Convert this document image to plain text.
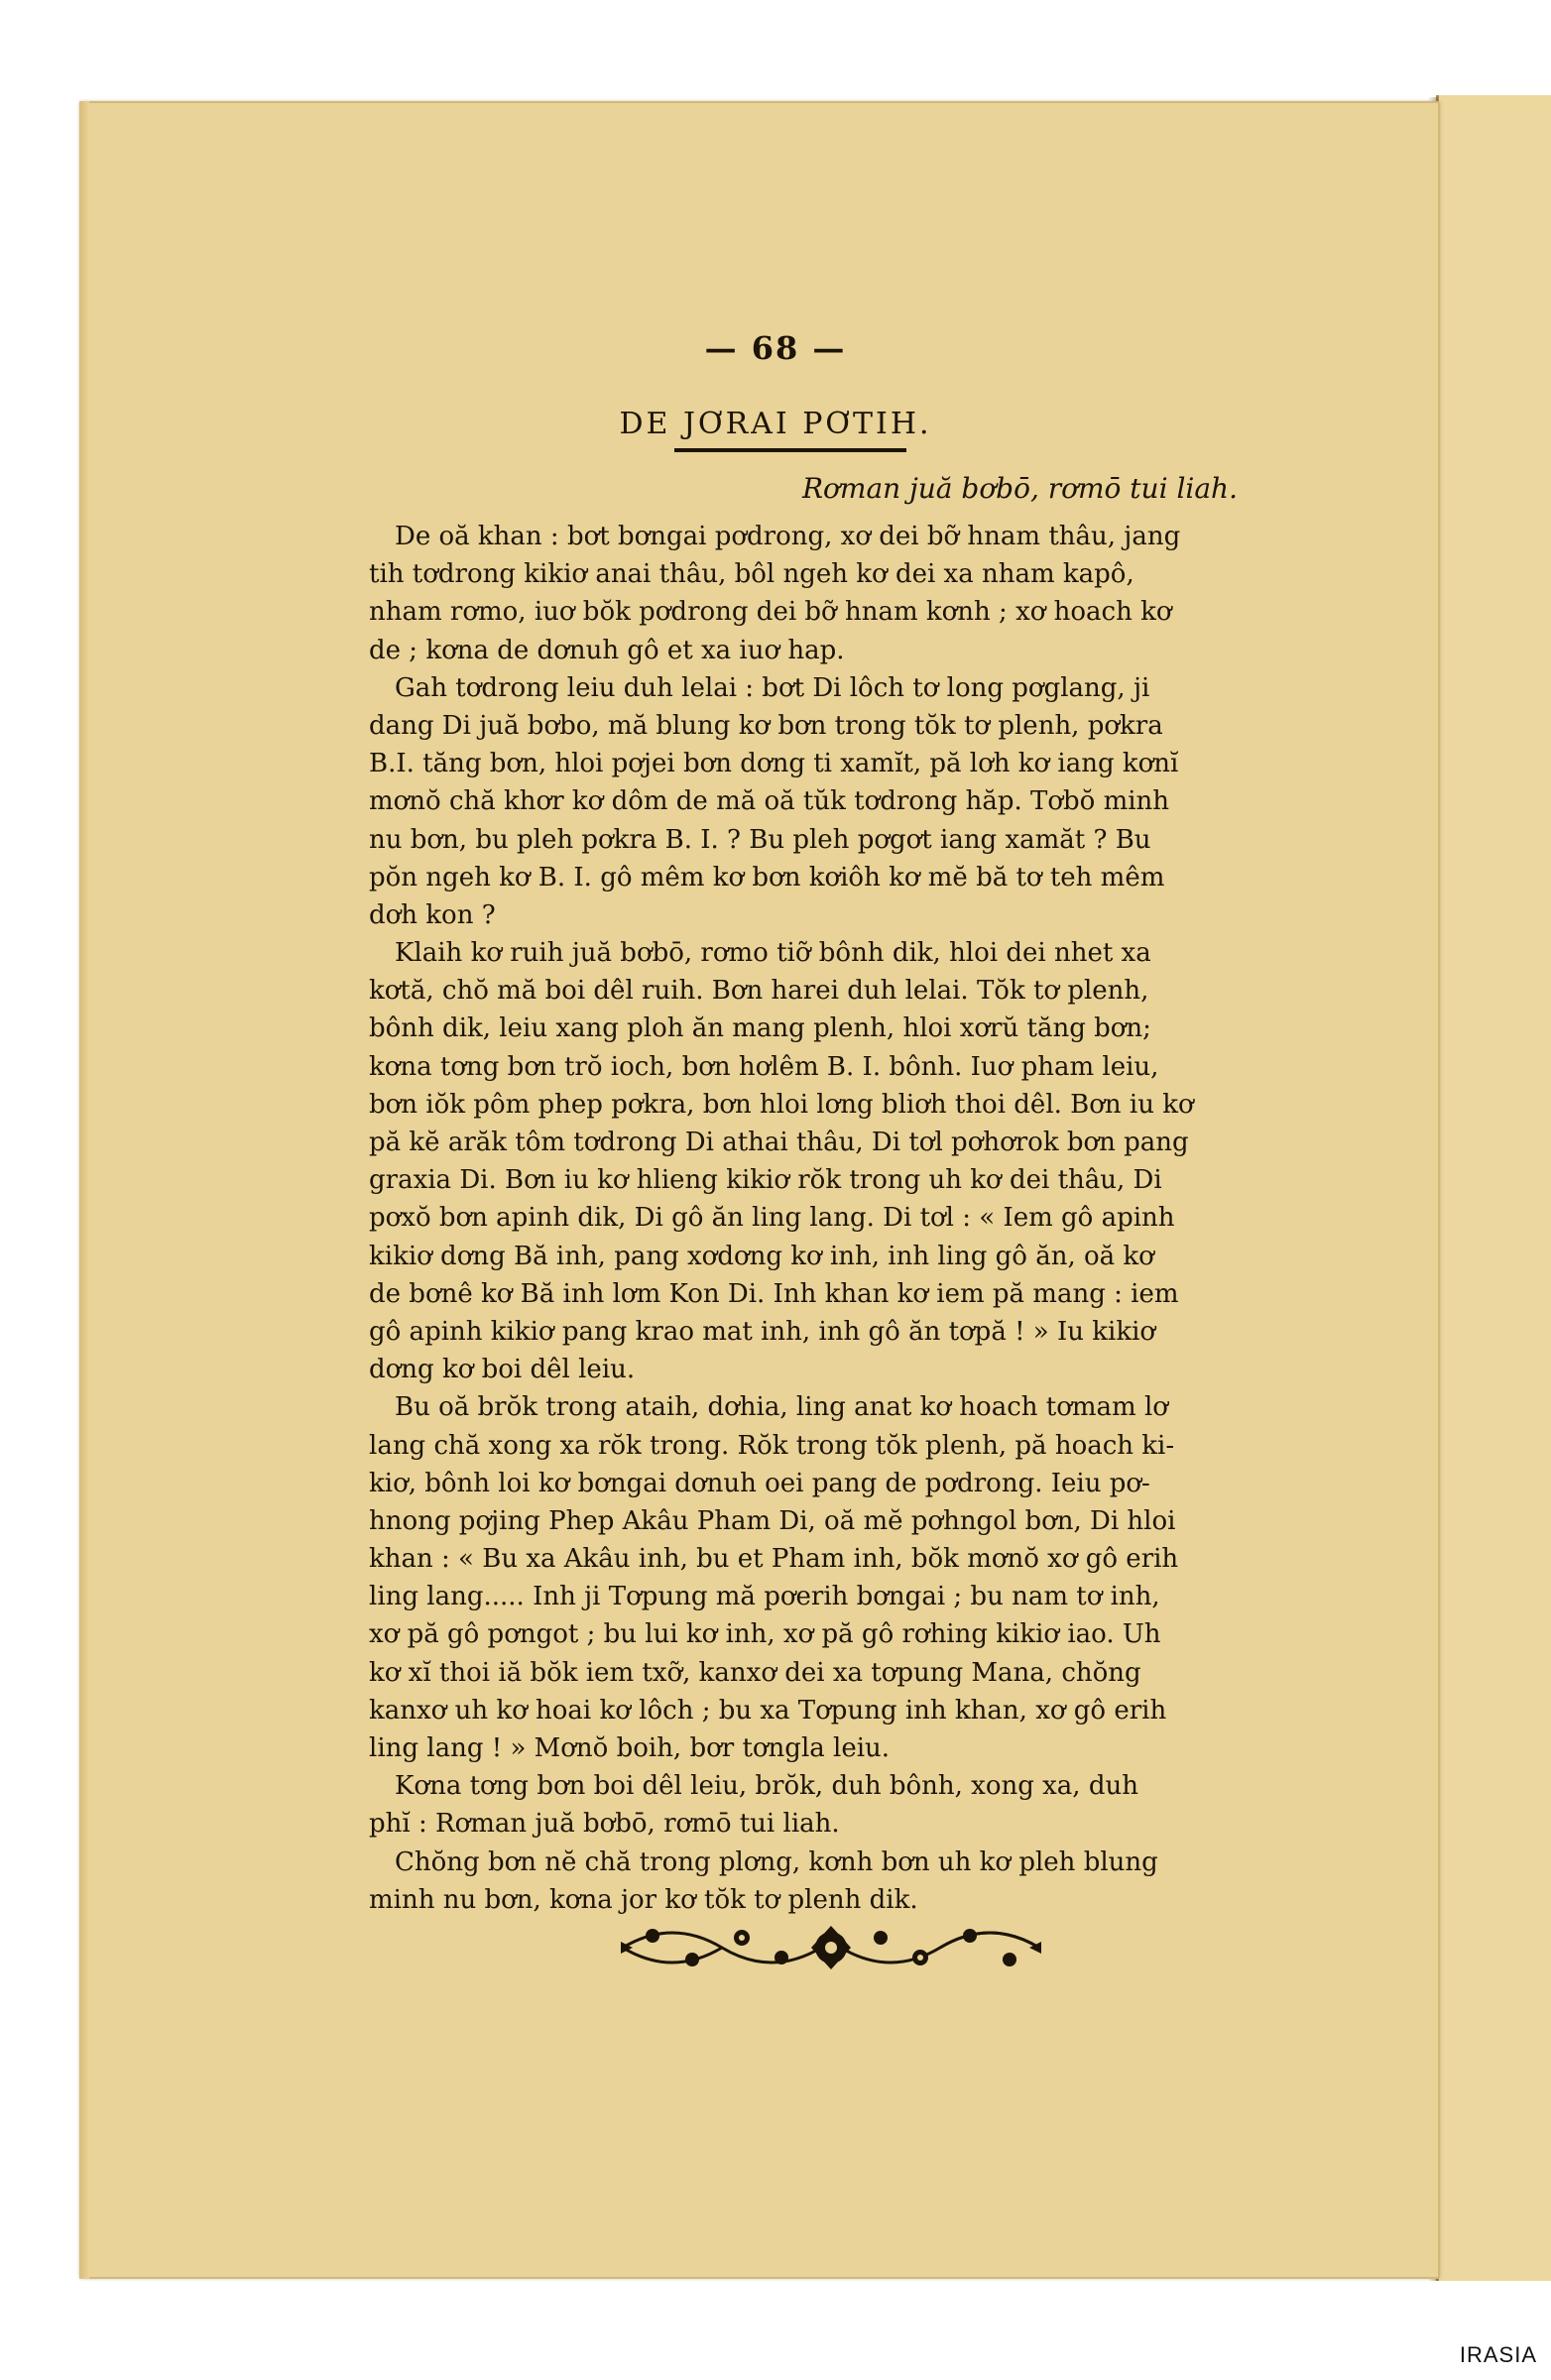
— 68 —
DE JƠRAI PƠTIH.
Rơman juă bơbō, rơmō tui liah.
De oă khan : bơt bơngai pơdrong, xơ dei bỡ hnam thâu, jang
tih tơdrong kikiơ anai thâu, bôl ngeh kơ dei xa nham kapô,
nham rơmo, iuơ bŏk pơdrong dei bỡ hnam kơnh ; xơ hoach kơ
de ; kơna de dơnuh gô et xa iuơ hap.
Gah tơdrong leiu duh lelai : bơt Di lôch tơ long pơglang, ji
dang Di juă bơbo, mă blung kơ bơn trong tŏk tơ plenh, pơkra
B.I. tăng bơn, hloi pơjei bơn dơng ti xamĭt, pă lơh kơ iang kơnĭ
mơnŏ chă khơr kơ dôm de mă oă tŭk tơdrong hăp. Tơbŏ minh
nu bơn, bu pleh pơkra B. I. ? Bu pleh pơgơt iang xamăt ? Bu
pŏn ngeh kơ B. I. gô mêm kơ bơn kơiôh kơ mĕ bă tơ teh mêm
dơh kon ?
Klaih kơ ruih juă bơbō, rơmo tiỡ bônh dik, hloi dei nhet xa
kơtă, chŏ mă boi dêl ruih. Bơn harei duh lelai. Tŏk tơ plenh,
bônh dik, leiu xang ploh ăn mang plenh, hloi xơrŭ tăng bơn;
kơna tơng bơn trŏ ioch, bơn hơlêm B. I. bônh. Iuơ pham leiu,
bơn iŏk pôm phep pơkra, bơn hloi lơng bliơh thoi dêl. Bơn iu kơ
pă kĕ arăk tôm tơdrong Di athai thâu, Di tơl pơhơrok bơn pang
graxia Di. Bơn iu kơ hlieng kikiơ rŏk trong uh kơ dei thâu, Di
pơxŏ bơn apinh dik, Di gô ăn ling lang. Di tơl : « Iem gô apinh
kikiơ dơng Bă inh, pang xơdơng kơ inh, inh ling gô ăn, oă kơ
de bơnê kơ Bă inh lơm Kon Di. Inh khan kơ iem pă mang : iem
gô apinh kikiơ pang krao mat inh, inh gô ăn tơpă ! » Iu kikiơ
dơng kơ boi dêl leiu.
Bu oă brŏk trong ataih, dơhia, ling anat kơ hoach tơmam lơ
lang chă xong xa rŏk trong. Rŏk trong tŏk plenh, pă hoach ki-
kiơ, bônh loi kơ bơngai dơnuh oei pang de pơdrong. Ieiu pơ-
hnong pơjing Phep Akâu Pham Di, oă mĕ pơhngol bơn, Di hloi
khan : « Bu xa Akâu inh, bu et Pham inh, bŏk mơnŏ xơ gô erih
ling lang..... Inh ji Tơpung mă pơerih bơngai ; bu nam tơ inh,
xơ pă gô pơngot ; bu lui kơ inh, xơ pă gô rơhing kikiơ iao. Uh
kơ xĭ thoi iă bŏk iem txỡ, kanxơ dei xa tơpung Mana, chŏng
kanxơ uh kơ hoai kơ lôch ; bu xa Tơpung inh khan, xơ gô erih
ling lang ! » Mơnŏ boih, bơr tơngla leiu.
Kơna tơng bơn boi dêl leiu, brŏk, duh bônh, xong xa, duh
phĭ : Rơman juă bơbō, rơmō tui liah.
Chŏng bơn nĕ chă trong plơng, kơnh bơn uh kơ pleh blung
minh nu bơn, kơna jor kơ tŏk tơ plenh dik.
IRASIA
